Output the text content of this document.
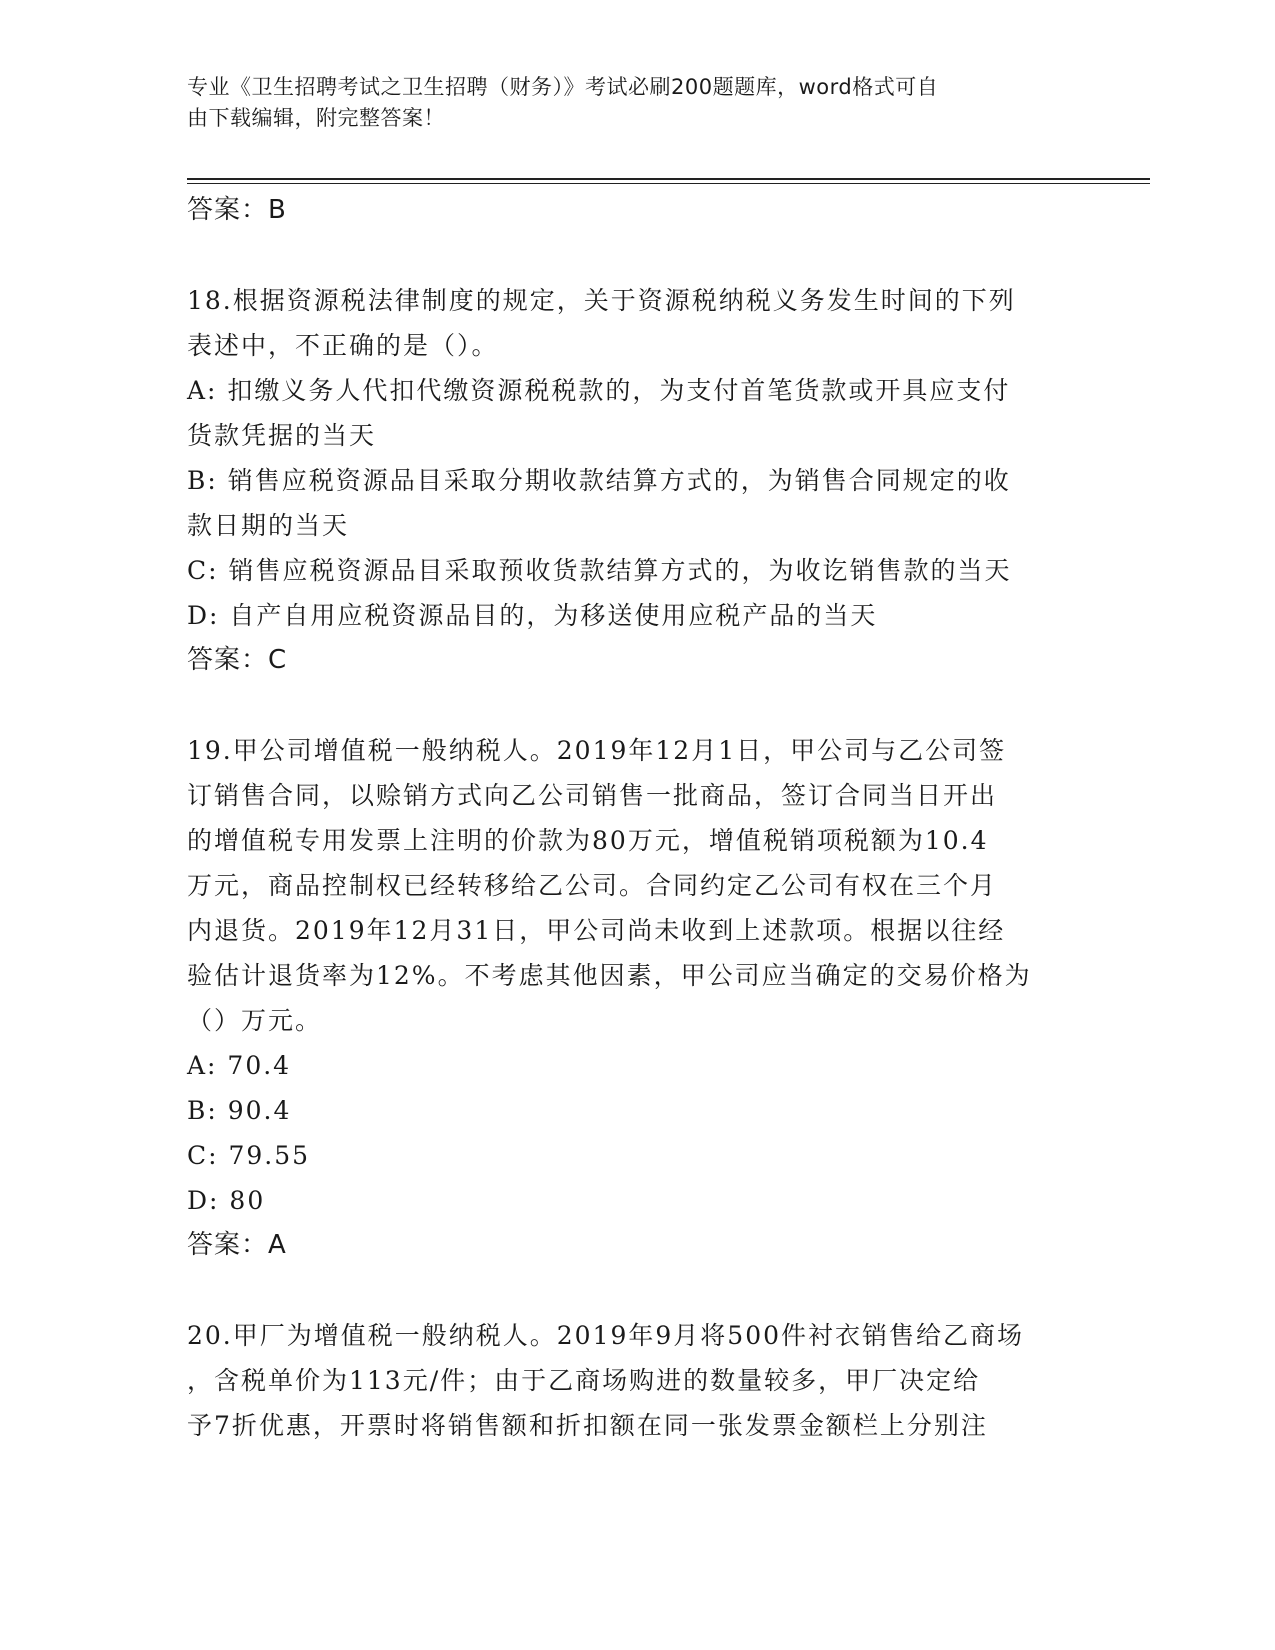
专业《卫生招聘考试之卫生招聘（财务）》考试必刷200题题库，word格式可自
由下载编辑，附完整答案！
答案：B
18.根据资源税法律制度的规定，关于资源税纳税义务发生时间的下列
表述中，不正确的是（）。
A: 扣缴义务人代扣代缴资源税税款的，为支付首笔货款或开具应支付
货款凭据的当天
B: 销售应税资源品目采取分期收款结算方式的，为销售合同规定的收
款日期的当天
C: 销售应税资源品目采取预收货款结算方式的，为收讫销售款的当天
D: 自产自用应税资源品目的，为移送使用应税产品的当天
答案：C
19.甲公司增值税一般纳税人。2019年12月1日，甲公司与乙公司签
订销售合同，以赊销方式向乙公司销售一批商品，签订合同当日开出
的增值税专用发票上注明的价款为80万元，增值税销项税额为10.4
万元，商品控制权已经转移给乙公司。合同约定乙公司有权在三个月
内退货。2019年12月31日，甲公司尚未收到上述款项。根据以往经
验估计退货率为12%。不考虑其他因素，甲公司应当确定的交易价格为
（）万元。
A: 70.4
B: 90.4
C: 79.55
D: 80
答案：A
20.甲厂为增值税一般纳税人。2019年9月将500件衬衣销售给乙商场
，含税单价为113元/件；由于乙商场购进的数量较多，甲厂决定给
予7折优惠，开票时将销售额和折扣额在同一张发票金额栏上分别注
